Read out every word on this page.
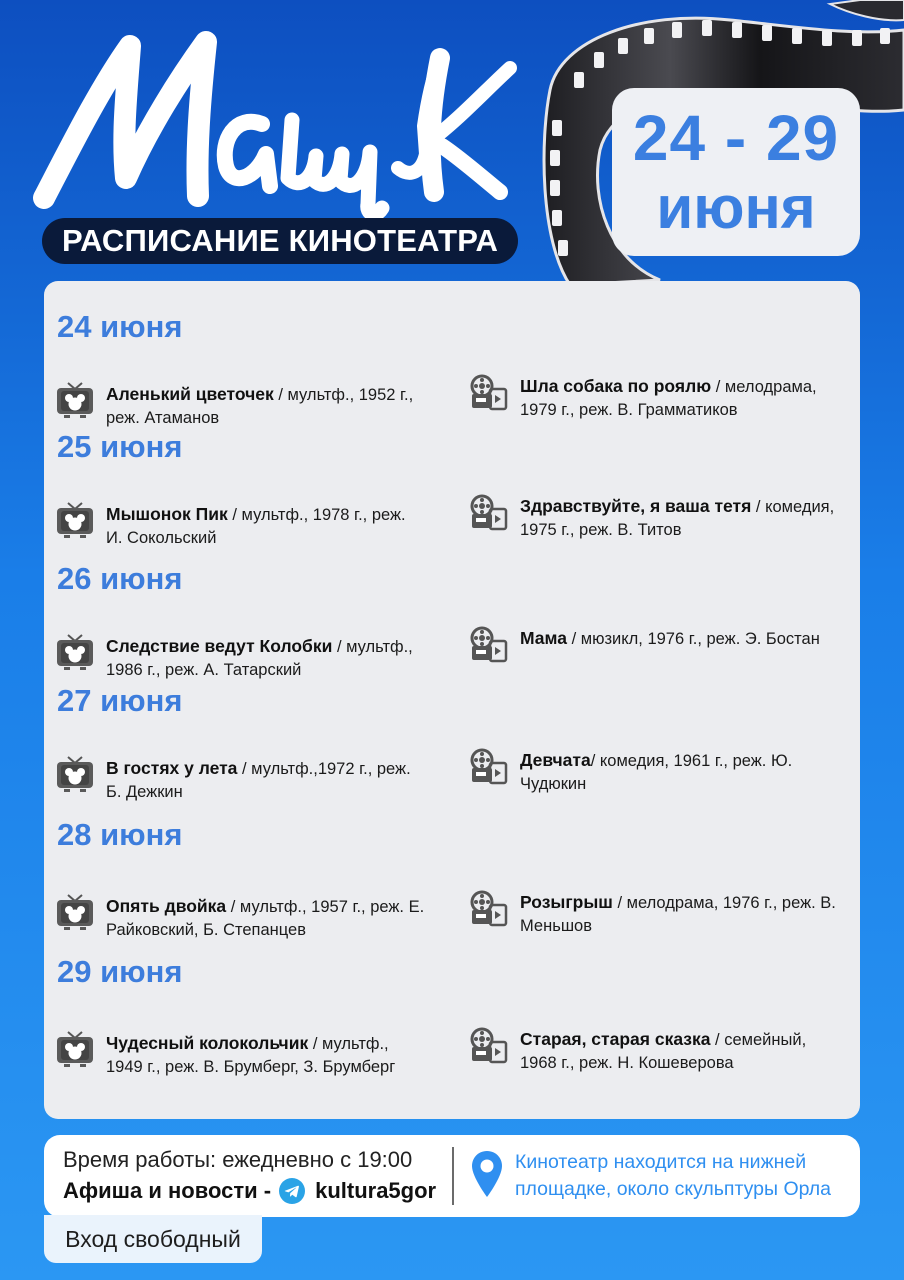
РАСПИСАНИЕ КИНОТЕАТРА
24 - 29
июня
24 июня
Аленький цветочек / мультф., 1952 г., реж. Атаманов
Шла собака по роялю / мелодрама, 1979 г., реж. В. Грамматиков
25 июня
Мышонок Пик / мультф., 1978 г., реж. И. Сокольский
Здравствуйте, я ваша тетя / комедия, 1975 г., реж. В. Титов
26 июня
Следствие ведут Колобки / мультф., 1986 г., реж. А. Татарский
Мама / мюзикл, 1976 г., реж. Э. Бостан
27 июня
В гостях у лета / мультф.,1972 г., реж. Б. Дежкин
Девчата/ комедия, 1961 г., реж. Ю. Чудюкин
28 июня
Опять двойка / мультф., 1957 г., реж. Е. Райковский, Б. Степанцев
Розыгрыш / мелодрама, 1976 г., реж. В. Меньшов
29 июня
Чудесный колокольчик / мультф., 1949 г., реж. В. Брумберг, З. Брумберг
Старая, старая сказка / семейный, 1968 г., реж. Н. Кошеверова
Время работы: ежедневно с 19:00
Афиша и новости - kultura5gor
Кинотеатр находится на нижней площадке, около скульптуры Орла
Вход свободный
